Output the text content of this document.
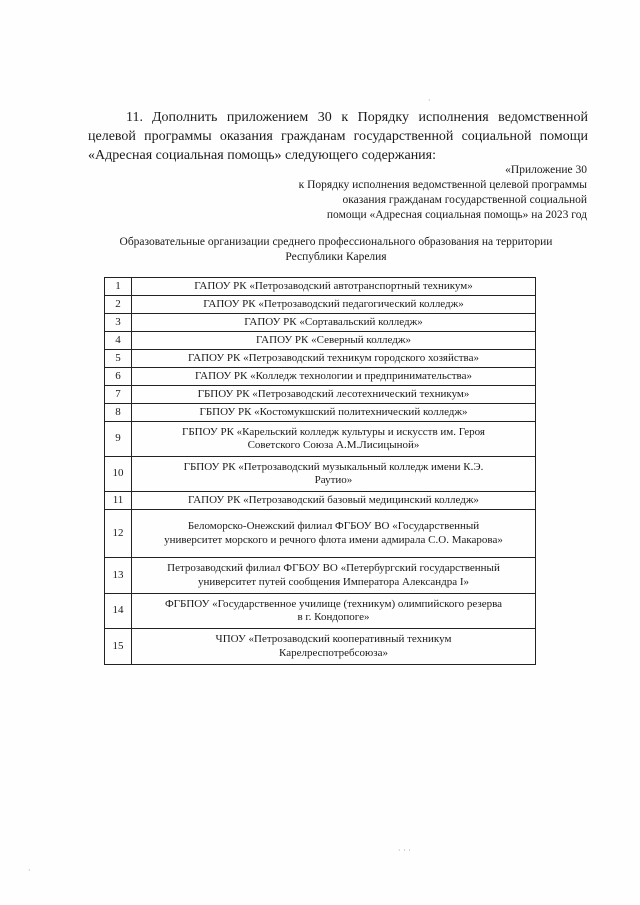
·
· · ·
·

11. Дополнить приложением 30 к Порядку исполнения ведомственной

целевой программы оказания гражданам государственной социальной помощи

«Адресная социальная помощь» следующего содержания:

«Приложение 30
к Порядку исполнения ведомственной целевой программы
оказания гражданам государственной социальной
помощи «Адресная социальная помощь» на 2023 год
Образовательные организации среднего профессионального образования на территории
Республики Карелия
1	ГАПОУ РК «Петрозаводский автотранспортный техникум»
2	ГАПОУ РК «Петрозаводский педагогический колледж»
3	ГАПОУ РК «Сортавальский колледж»
4	ГАПОУ РК «Северный колледж»
5	ГАПОУ РК «Петрозаводский техникум городского хозяйства»
6	ГАПОУ РК «Колледж технологии и предпринимательства»
7	ГБПОУ РК «Петрозаводский лесотехнический техникум»
8	ГБПОУ РК «Костомукшский политехнический колледж»
9	ГБПОУ РК «Карельский колледж культуры и искусств им. Героя
Советского Союза А.М.Лисицыной»

10	ГБПОУ РК «Петрозаводский музыкальный колледж имени К.Э.
Раутио»

11	ГАПОУ РК «Петрозаводский базовый медицинский колледж»
12	Беломорско-Онежский филиал ФГБОУ ВО «Государственный
университет морского и речного флота имени адмирала С.О. Макарова»

13	Петрозаводский филиал ФГБОУ ВО «Петербургский государственный
университет путей сообщения Императора Александра I»

14	ФГБПОУ «Государственное училище (техникум) олимпийского резерва
в г. Кондопоге»

15	ЧПОУ «Петрозаводский кооперативный техникум
Карелреспотребсоюза»
